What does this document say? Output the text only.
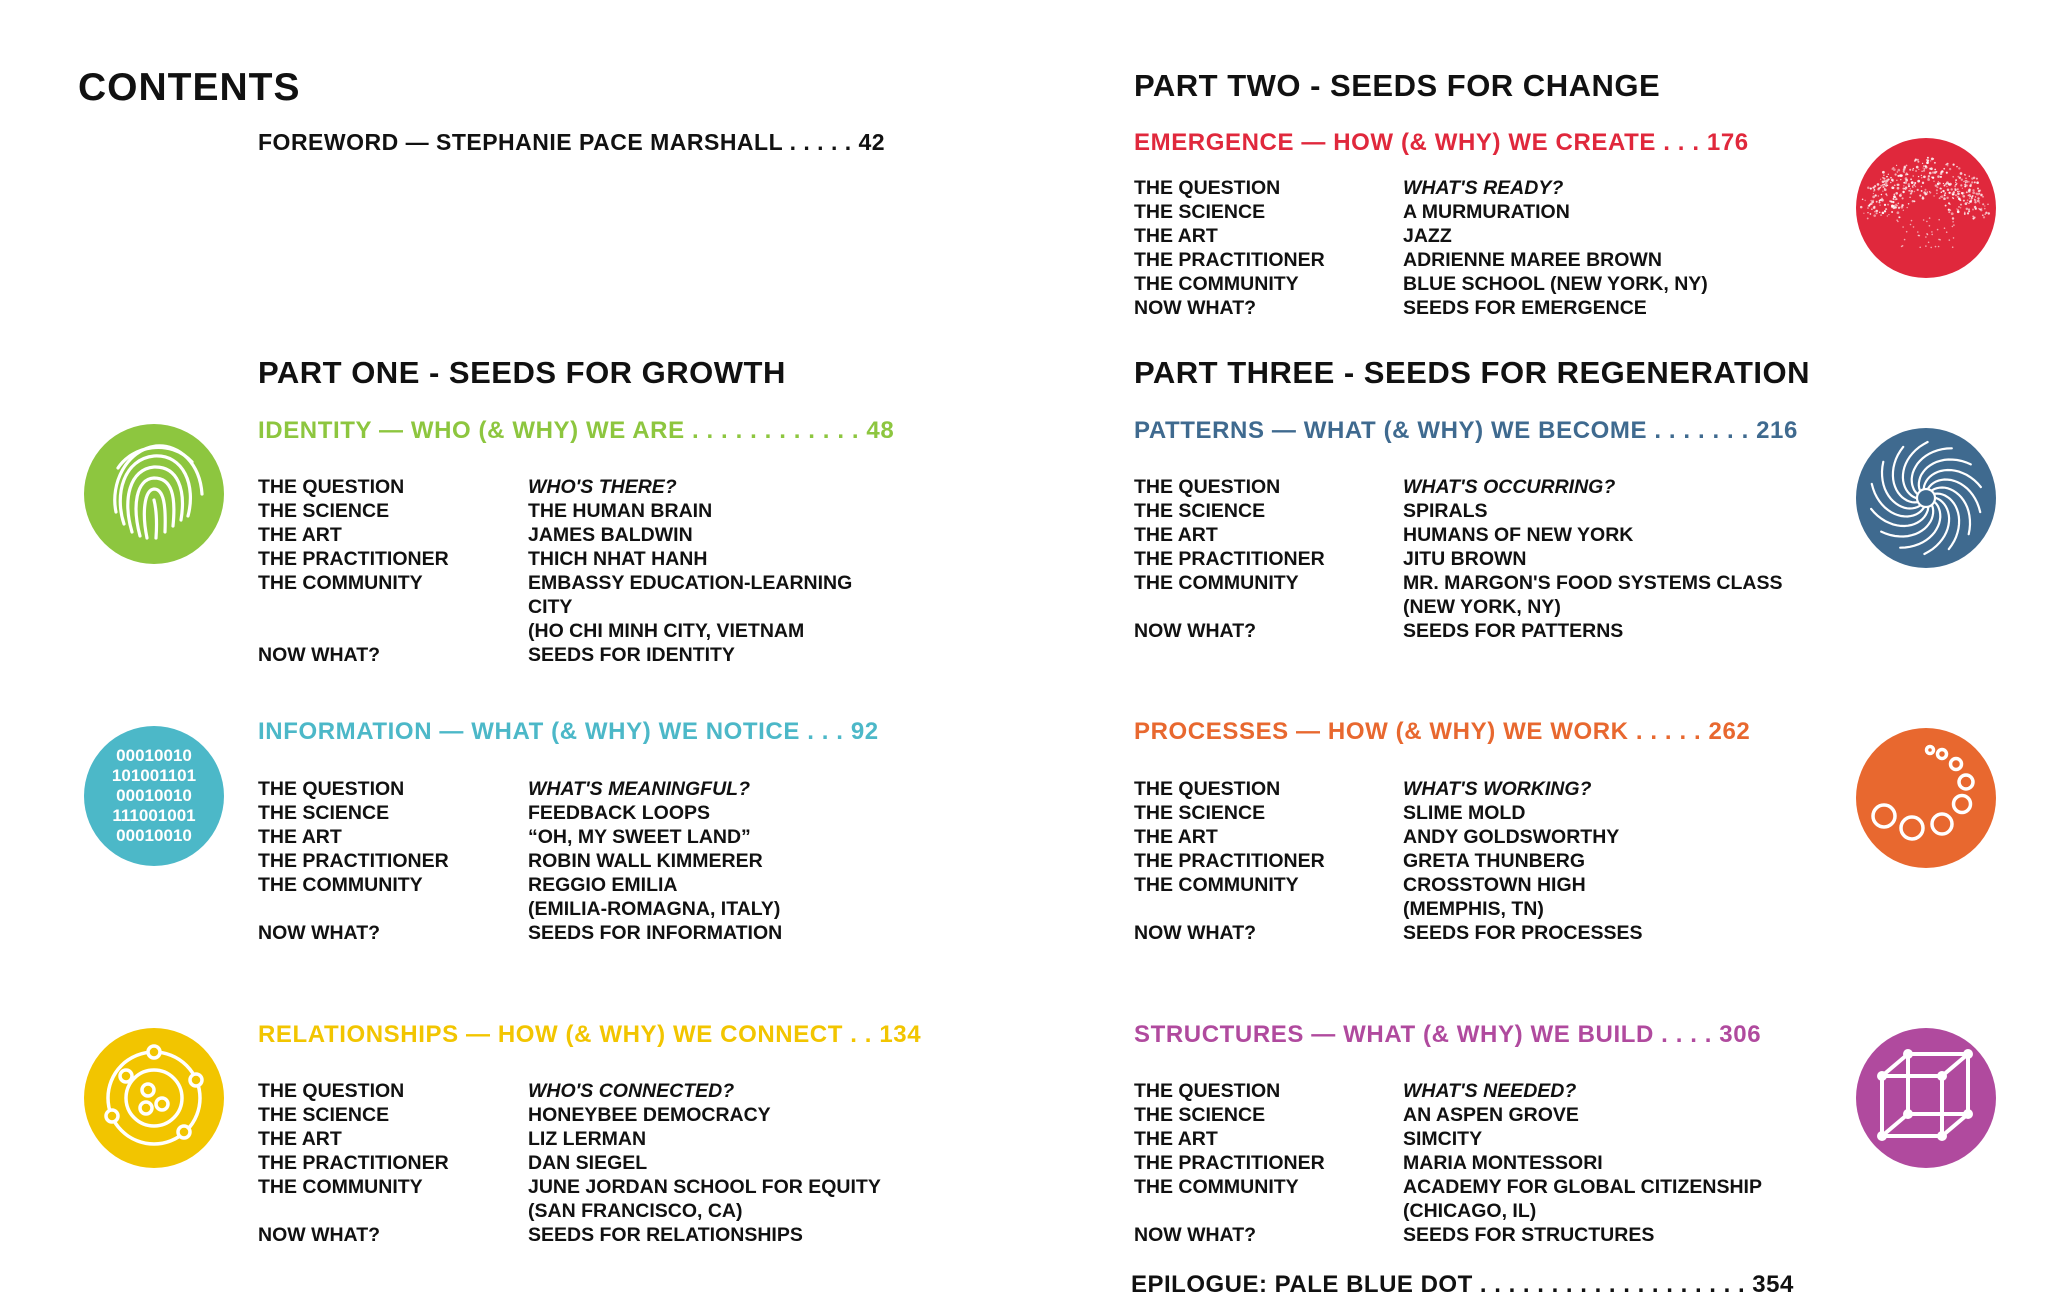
CONTENTS
FOREWORD — STEPHANIE PACE MARSHALL . . . . . 42
PART ONE - SEEDS FOR GROWTH
IDENTITY — WHO (& WHY) WE ARE . . . . . . . . . . . . 48
THE QUESTION	WHO'S THERE?
THE SCIENCE	THE HUMAN BRAIN
THE ART	JAMES BALDWIN
THE PRACTITIONER	THICH NHAT HANH
THE COMMUNITY	EMBASSY EDUCATION-LEARNING
CITY
(HO CHI MINH CITY, VIETNAM
NOW WHAT?	SEEDS FOR IDENTITY
00010010
101001101
00010010
111001001
00010010
INFORMATION — WHAT (& WHY) WE NOTICE . . . 92
THE QUESTION	WHAT'S MEANINGFUL?
THE SCIENCE	FEEDBACK LOOPS
THE ART	“OH, MY SWEET LAND”
THE PRACTITIONER	ROBIN WALL KIMMERER
THE COMMUNITY	REGGIO EMILIA
(EMILIA-ROMAGNA, ITALY)
NOW WHAT?	SEEDS FOR INFORMATION
RELATIONSHIPS — HOW (& WHY) WE CONNECT . . 134
THE QUESTION	WHO'S CONNECTED?
THE SCIENCE	HONEYBEE DEMOCRACY
THE ART	LIZ LERMAN
THE PRACTITIONER	DAN SIEGEL
THE COMMUNITY	JUNE JORDAN SCHOOL FOR EQUITY
(SAN FRANCISCO, CA)
NOW WHAT?	SEEDS FOR RELATIONSHIPS
PART TWO - SEEDS FOR CHANGE
EMERGENCE — HOW (& WHY) WE CREATE . . . 176
THE QUESTION	WHAT'S READY?
THE SCIENCE	A MURMURATION
THE ART	JAZZ
THE PRACTITIONER	ADRIENNE MAREE BROWN
THE COMMUNITY	BLUE SCHOOL (NEW YORK, NY)
NOW WHAT?	SEEDS FOR EMERGENCE
PART THREE - SEEDS FOR REGENERATION
PATTERNS — WHAT (& WHY) WE BECOME . . . . . . . 216
THE QUESTION	WHAT'S OCCURRING?
THE SCIENCE	SPIRALS
THE ART	HUMANS OF NEW YORK
THE PRACTITIONER	JITU BROWN
THE COMMUNITY	MR. MARGON'S FOOD SYSTEMS CLASS
(NEW YORK, NY)
NOW WHAT?	SEEDS FOR PATTERNS
PROCESSES — HOW (& WHY) WE WORK . . . . . 262
THE QUESTION	WHAT'S WORKING?
THE SCIENCE	SLIME MOLD
THE ART	ANDY GOLDSWORTHY
THE PRACTITIONER	GRETA THUNBERG
THE COMMUNITY	CROSSTOWN HIGH
(MEMPHIS, TN)
NOW WHAT?	SEEDS FOR PROCESSES
STRUCTURES — WHAT (& WHY) WE BUILD . . . . 306
THE QUESTION	WHAT'S NEEDED?
THE SCIENCE	AN ASPEN GROVE
THE ART	SIMCITY
THE PRACTITIONER	MARIA MONTESSORI
THE COMMUNITY	ACADEMY FOR GLOBAL CITIZENSHIP
(CHICAGO, IL)
NOW WHAT?	SEEDS FOR STRUCTURES
EPILOGUE: PALE BLUE DOT . . . . . . . . . . . . . . . . . . . 354
